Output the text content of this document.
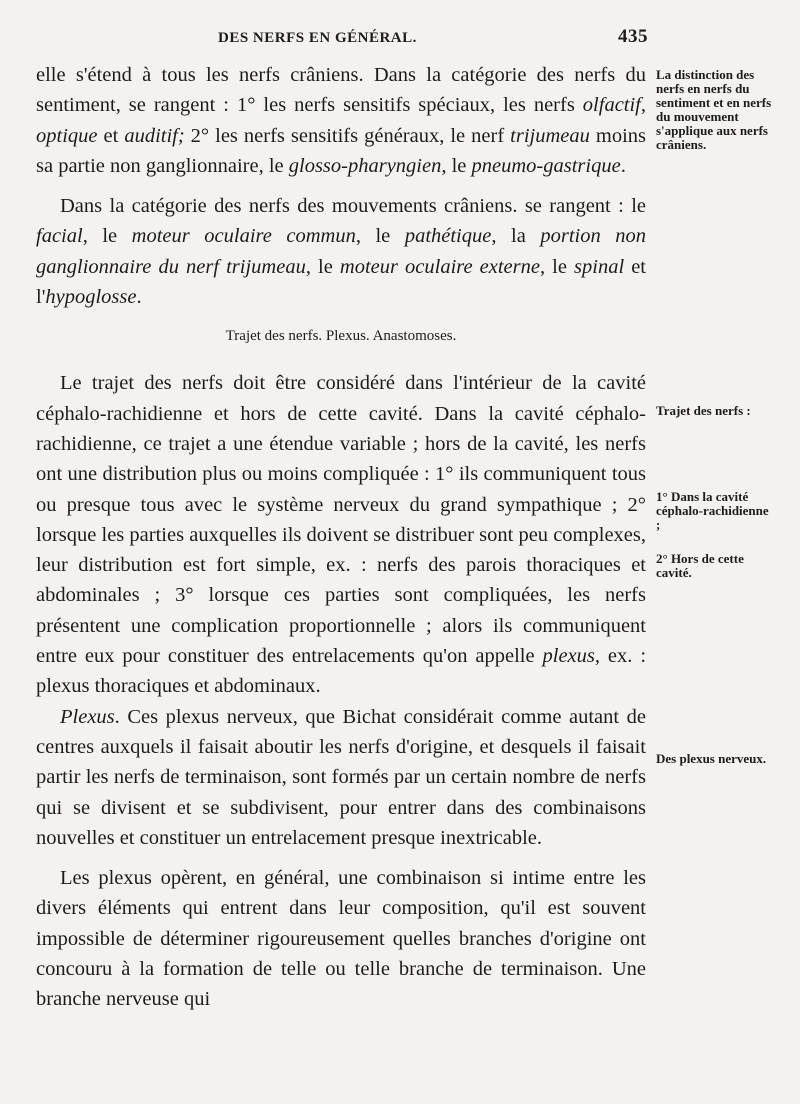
DES NERFS EN GÉNÉRAL.	435

elle s'étend à tous les nerfs crâniens. Dans la catégorie des nerfs du sentiment, se rangent : 1° les nerfs sensitifs spéciaux, les nerfs olfactif, optique et auditif; 2° les nerfs sensitifs généraux, le nerf trijumeau moins sa partie non ganglionnaire, le glosso-pharyngien, le pneumo-gastrique.

Dans la catégorie des nerfs des mouvements crâniens. se rangent : le facial, le moteur oculaire commun, le pathétique, la portion non ganglionnaire du nerf trijumeau, le moteur oculaire externe, le spinal et l'hypoglosse.

Trajet des nerfs. Plexus. Anastomoses.

Le trajet des nerfs doit être considéré dans l'intérieur de la cavité céphalo-rachidienne et hors de cette cavité. Dans la cavité céphalo-rachidienne, ce trajet a une étendue variable ; hors de la cavité, les nerfs ont une distribution plus ou moins compliquée : 1° ils communiquent tous ou presque tous avec le système nerveux du grand sympathique ; 2° lorsque les parties auxquelles ils doivent se distribuer sont peu complexes, leur distribution est fort simple, ex. : nerfs des parois thoraciques et abdominales ; 3° lorsque ces parties sont compliquées, les nerfs présentent une complication proportionnelle ; alors ils communiquent entre eux pour constituer des entrelacements qu'on appelle plexus, ex. : plexus thoraciques et abdominaux.

Plexus. Ces plexus nerveux, que Bichat considérait comme autant de centres auxquels il faisait aboutir les nerfs d'origine, et desquels il faisait partir les nerfs de terminaison, sont formés par un certain nombre de nerfs qui se divisent et se subdivisent, pour entrer dans des combinaisons nouvelles et constituer un entrelacement presque inextricable.

Les plexus opèrent, en général, une combinaison si intime entre les divers éléments qui entrent dans leur composition, qu'il est souvent impossible de déterminer rigoureusement quelles branches d'origine ont concouru à la formation de telle ou telle branche de terminaison. Une branche nerveuse qui

La distinction des nerfs en nerfs du sentiment et en nerfs du mouvement s'applique aux nerfs crâniens.
Trajet des nerfs :
1° Dans la cavité céphalo-rachidienne ;
2° Hors de cette cavité.
Des plexus nerveux.
